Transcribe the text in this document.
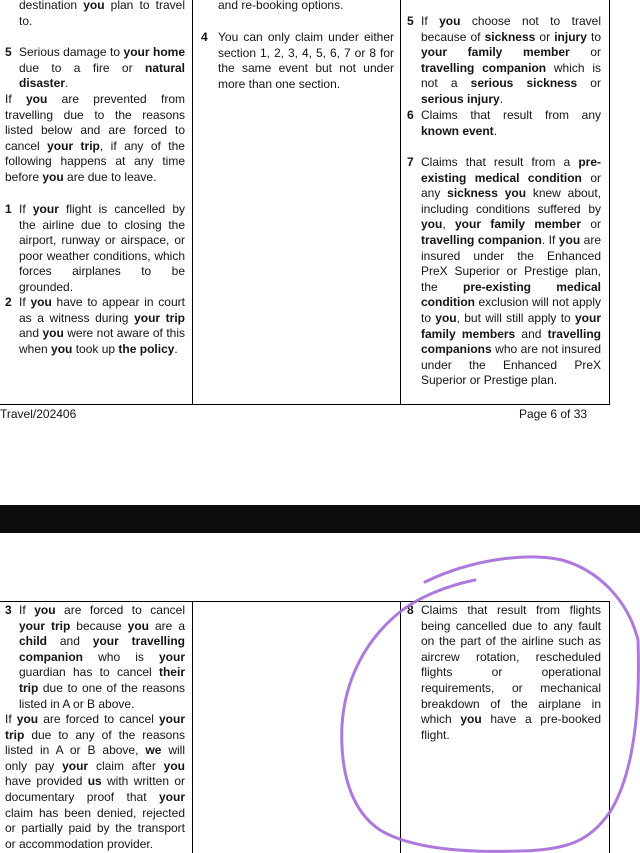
destination you plan to travel to.
5 Serious damage to your home due to a fire or natural disaster.
If you are prevented from travelling due to the reasons listed below and are forced to cancel your trip, if any of the following happens at any time before you are due to leave.
1 If your flight is cancelled by the airline due to closing the airport, runway or airspace, or poor weather conditions, which forces airplanes to be grounded.
2 If you have to appear in court as a witness during your trip and you were not aware of this when you took up the policy.
and re-booking options.
4 You can only claim under either section 1, 2, 3, 4, 5, 6, 7 or 8 for the same event but not under more than one section.
5 If you choose not to travel because of sickness or injury to your family member or travelling companion which is not a serious sickness or serious injury.
6 Claims that result from any known event.
7 Claims that result from a pre-existing medical condition or any sickness you knew about, including conditions suffered by you, your family member or travelling companion. If you are insured under the Enhanced PreX Superior or Prestige plan, the pre-existing medical condition exclusion will not apply to you, but will still apply to your family members and travelling companions who are not insured under the Enhanced PreX Superior or Prestige plan.
Travel/202406	Page 6 of 33
3 If you are forced to cancel your trip because you are a child and your travelling companion who is your guardian has to cancel their trip due to one of the reasons listed in A or B above.
If you are forced to cancel your trip due to any of the reasons listed in A or B above, we will only pay your claim after you have provided us with written or documentary proof that your claim has been denied, rejected or partially paid by the transport or accommodation provider.
8 Claims that result from flights being cancelled due to any fault on the part of the airline such as aircrew rotation, rescheduled flights or operational requirements, or mechanical breakdown of the airplane in which you have a pre-booked flight.
